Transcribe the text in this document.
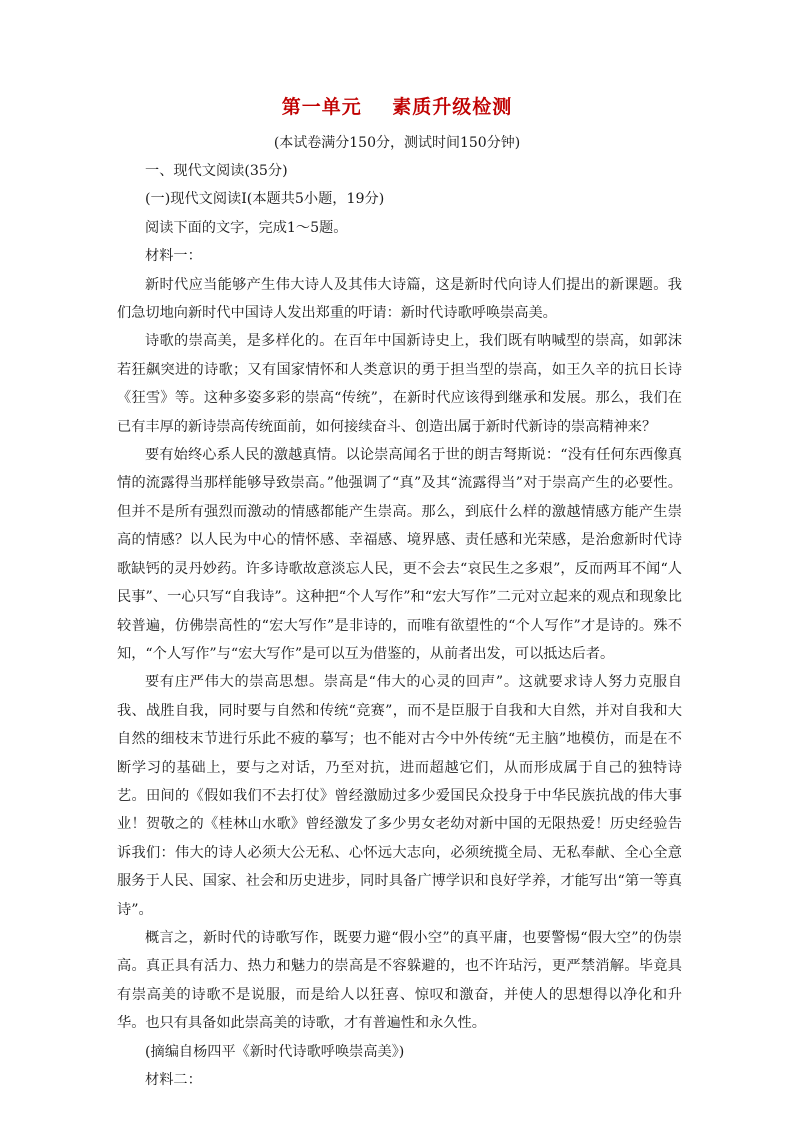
第一单元    素质升级检测
(本试卷满分150分，测试时间150分钟)

一、现代文阅读(35分)

(一)现代文阅读Ⅰ(本题共5小题，19分)

阅读下面的文字，完成1～5题。

材料一：

新时代应当能够产生伟大诗人及其伟大诗篇，这是新时代向诗人们提出的新课题。我们急切地向新时代中国诗人发出郑重的吁请：新时代诗歌呼唤崇高美。

诗歌的崇高美，是多样化的。在百年中国新诗史上，我们既有呐喊型的崇高，如郭沫若狂飙突进的诗歌；又有国家情怀和人类意识的勇于担当型的崇高，如王久辛的抗日长诗《狂雪》等。这种多姿多彩的崇高“传统”，在新时代应该得到继承和发展。那么，我们在已有丰厚的新诗崇高传统面前，如何接续奋斗、创造出属于新时代新诗的崇高精神来？

要有始终心系人民的激越真情。以论崇高闻名于世的朗吉弩斯说：“没有任何东西像真情的流露得当那样能够导致崇高。”他强调了“真”及其“流露得当”对于崇高产生的必要性。但并不是所有强烈而激动的情感都能产生崇高。那么，到底什么样的激越情感方能产生崇高的情感？以人民为中心的情怀感、幸福感、境界感、责任感和光荣感，是治愈新时代诗歌缺钙的灵丹妙药。许多诗歌故意淡忘人民，更不会去“哀民生之多艰”，反而两耳不闻“人民事”、一心只写“自我诗”。这种把“个人写作”和“宏大写作”二元对立起来的观点和现象比较普遍，仿佛崇高性的“宏大写作”是非诗的，而唯有欲望性的“个人写作”才是诗的。殊不知，“个人写作”与“宏大写作”是可以互为借鉴的，从前者出发，可以抵达后者。

要有庄严伟大的崇高思想。崇高是“伟大的心灵的回声”。这就要求诗人努力克服自我、战胜自我，同时要与自然和传统“竞赛”，而不是臣服于自我和大自然，并对自我和大自然的细枝末节进行乐此不疲的摹写；也不能对古今中外传统“无主脑”地模仿，而是在不断学习的基础上，要与之对话，乃至对抗，进而超越它们，从而形成属于自己的独特诗艺。田间的《假如我们不去打仗》曾经激励过多少爱国民众投身于中华民族抗战的伟大事业！贺敬之的《桂林山水歌》曾经激发了多少男女老幼对新中国的无限热爱！历史经验告诉我们：伟大的诗人必须大公无私、心怀远大志向，必须统揽全局、无私奉献、全心全意服务于人民、国家、社会和历史进步，同时具备广博学识和良好学养，才能写出“第一等真诗”。

概言之，新时代的诗歌写作，既要力避“假小空”的真平庸，也要警惕“假大空”的伪崇高。真正具有活力、热力和魅力的崇高是不容躲避的，也不许玷污，更严禁消解。毕竟具有崇高美的诗歌不是说服，而是给人以狂喜、惊叹和激奋，并使人的思想得以净化和升华。也只有具备如此崇高美的诗歌，才有普遍性和永久性。

(摘编自杨四平《新时代诗歌呼唤崇高美》)

材料二：
